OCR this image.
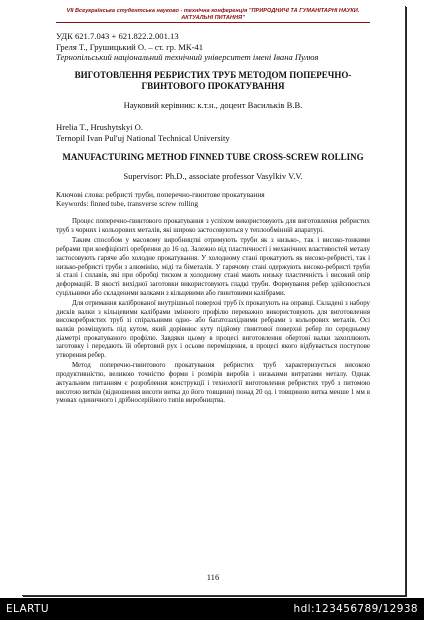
VII Всеукраїнська студентська науково - технічна конференція "ПРИРОДНИЧІ ТА ГУМАНІТАРНІ НАУКИ. АКТУАЛЬНІ ПИТАННЯ"
УДК 621.7.043 + 621.822.2.001.13
Греля Т., Грушицький О. – ст. гр. МК-41
Тернопільський національний технічний університет імені Івана Пулюя
ВИГОТОВЛЕННЯ РЕБРИСТИХ ТРУБ МЕТОДОМ ПОПЕРЕЧНО-ГВИНТОВОГО ПРОКАТУВАННЯ
Науковий керівник: к.т.н., доцент Васильків В.В.
Hrelia T., Hrushytskyi O.
Ternopil Ivan Pul'uj National Technical University
MANUFACTURING METHOD FINNED TUBE CROSS-SCREW ROLLING
Supervisor: Ph.D., associate professor Vasylkiv V.V.
Ключові слова: ребристі труби, поперечно-гвинтове прокатування
Keywords: finned tube, transverse screw rolling

Процес поперечно-гвинтового прокатування з успіхом використовують для виготовлення ребристих труб з чорних і кольорових металів, які широко застосовуються у теплообмінній апаратурі.

Таким способом у масовому виробництві отримують труби як з низько-, так і високо-тонкими ребрами при коефіцієнті оребрення до 16 од. Залежно від пластичності і механічних властивостей металу застосовують гаряче або холодне прокатування. У холодному стані прокатують як високо-ребристі, так і низько-ребристі труби з алюмінію, міді та біметалів. У гарячому стані одержують високо-ребристі труби зі сталі і сплавів, які при обробці тиском в холодному стані мають низьку пластичність і високий опір деформацій. В якості вихідної заготовки використовують гладкі труби. Формування ребер здійснюється суцільними або складеними валками з кільцевими або гвинтовими калібрами.

Для отримання каліброваної внутрішньої поверхні труб їх прокатують на оправці. Складені з набору дисків валки з кільцевими калібрами змінного профілю переважно використовують для виготовлення високоребристих труб зі спіральними одно- або багатозахідними ребрами з кольорових металів. Осі валків розміщують під кутом, який дорівнює куту підйому гвинтової поверхні ребер по середньому діаметрі прокатуваного профілю. Завдяки цьому в процесі виготовлення обертові валки захоплюють заготовку і передають їй обертовий рух і осьове переміщення, в процесі якого відбувається поступове утворення ребер.

Метод поперечно-гвинтового прокатування ребристих труб характеризується високою продуктивністю, великою точністю форми і розмірів виробів і низькими витратами металу. Однак актуальним питанням є розроблення конструкції і технології виготовлення ребристих труб з питомою висотою витків (відношення висоти витка до його товщини) понад 20 од. і товщиною витка менше 1 мм в умовах одиничного і дрібносерійного типів виробництва.

116
ELARTU	hdl:123456789/12938
